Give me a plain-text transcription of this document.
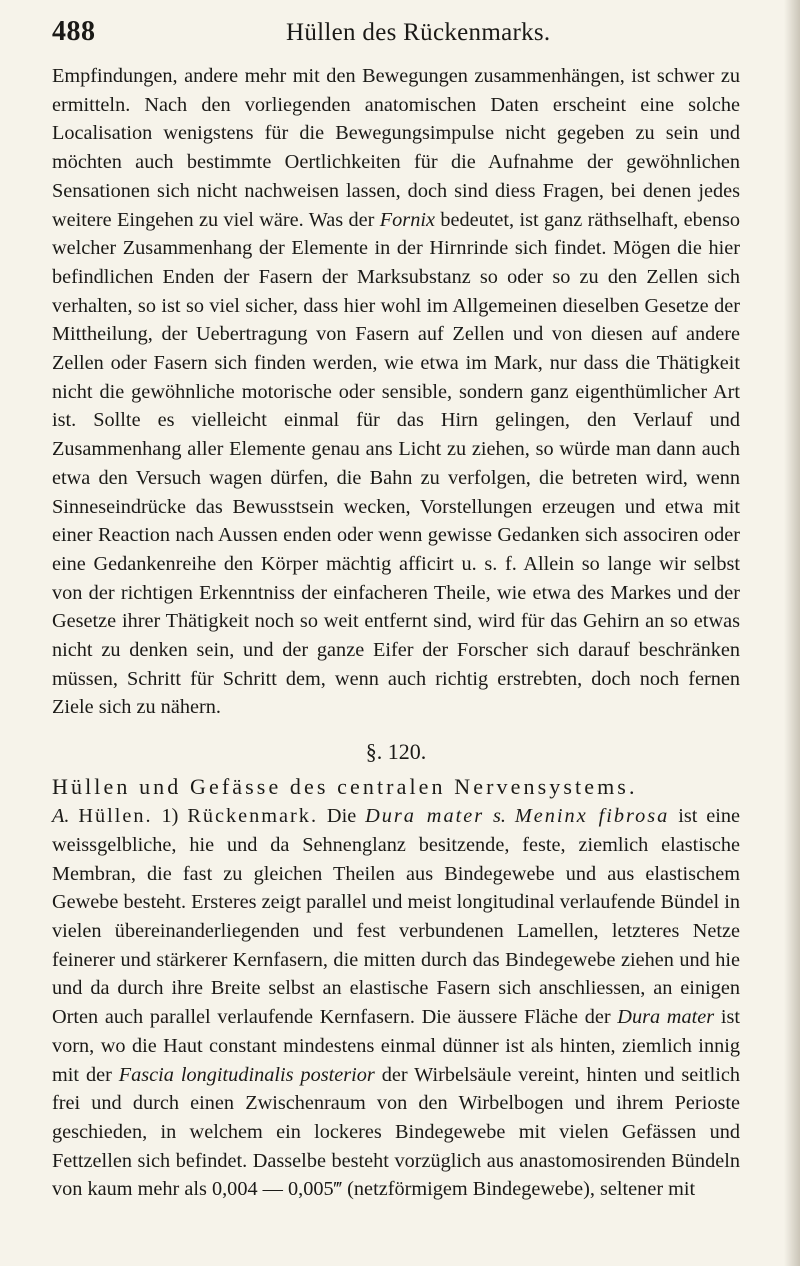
488	Hüllen des Rückenmarks.

Empfindungen, andere mehr mit den Bewegungen zusammenhängen, ist schwer zu ermitteln. Nach den vorliegenden anatomischen Daten erscheint eine solche Localisation wenigstens für die Bewegungsimpulse nicht gegeben zu sein und möchten auch bestimmte Oertlichkeiten für die Aufnahme der gewöhnlichen Sensationen sich nicht nachweisen lassen, doch sind diess Fragen, bei denen jedes weitere Eingehen zu viel wäre. Was der Fornix bedeutet, ist ganz räthselhaft, ebenso welcher Zusammenhang der Elemente in der Hirnrinde sich findet. Mögen die hier befindlichen Enden der Fasern der Marksubstanz so oder so zu den Zellen sich verhalten, so ist so viel sicher, dass hier wohl im Allgemeinen dieselben Gesetze der Mittheilung, der Uebertragung von Fasern auf Zellen und von diesen auf andere Zellen oder Fasern sich finden werden, wie etwa im Mark, nur dass die Thätigkeit nicht die gewöhnliche motorische oder sensible, sondern ganz eigenthümlicher Art ist. Sollte es vielleicht einmal für das Hirn gelingen, den Verlauf und Zusammenhang aller Elemente genau ans Licht zu ziehen, so würde man dann auch etwa den Versuch wagen dürfen, die Bahn zu verfolgen, die betreten wird, wenn Sinneseindrücke das Bewusstsein wecken, Vorstellungen erzeugen und etwa mit einer Reaction nach Aussen enden oder wenn gewisse Gedanken sich associren oder eine Gedankenreihe den Körper mächtig afficirt u. s. f. Allein so lange wir selbst von der richtigen Erkenntniss der einfacheren Theile, wie etwa des Markes und der Gesetze ihrer Thätigkeit noch so weit entfernt sind, wird für das Gehirn an so etwas nicht zu denken sein, und der ganze Eifer der Forscher sich darauf beschränken müssen, Schritt für Schritt dem, wenn auch richtig erstrebten, doch noch fernen Ziele sich zu nähern.

§. 120.
Hüllen und Gefässe des centralen Nervensystems.

A. Hüllen. 1) Rückenmark. Die Dura mater s. Meninx fibrosa ist eine weissgelbliche, hie und da Sehnenglanz besitzende, feste, ziemlich elastische Membran, die fast zu gleichen Theilen aus Bindegewebe und aus elastischem Gewebe besteht. Ersteres zeigt parallel und meist longitudinal verlaufende Bündel in vielen übereinanderliegenden und fest verbundenen Lamellen, letzteres Netze feinerer und stärkerer Kernfasern, die mitten durch das Bindegewebe ziehen und hie und da durch ihre Breite selbst an elastische Fasern sich anschliessen, an einigen Orten auch parallel verlaufende Kernfasern. Die äussere Fläche der Dura mater ist vorn, wo die Haut constant mindestens einmal dünner ist als hinten, ziemlich innig mit der Fascia longitudinalis posterior der Wirbelsäule vereint, hinten und seitlich frei und durch einen Zwischenraum von den Wirbelbogen und ihrem Perioste geschieden, in welchem ein lockeres Bindegewebe mit vielen Gefässen und Fettzellen sich befindet. Dasselbe besteht vorzüglich aus anastomosirenden Bündeln von kaum mehr als 0,004 — 0,005‴ (netzförmigem Bindegewebe), seltener mit
